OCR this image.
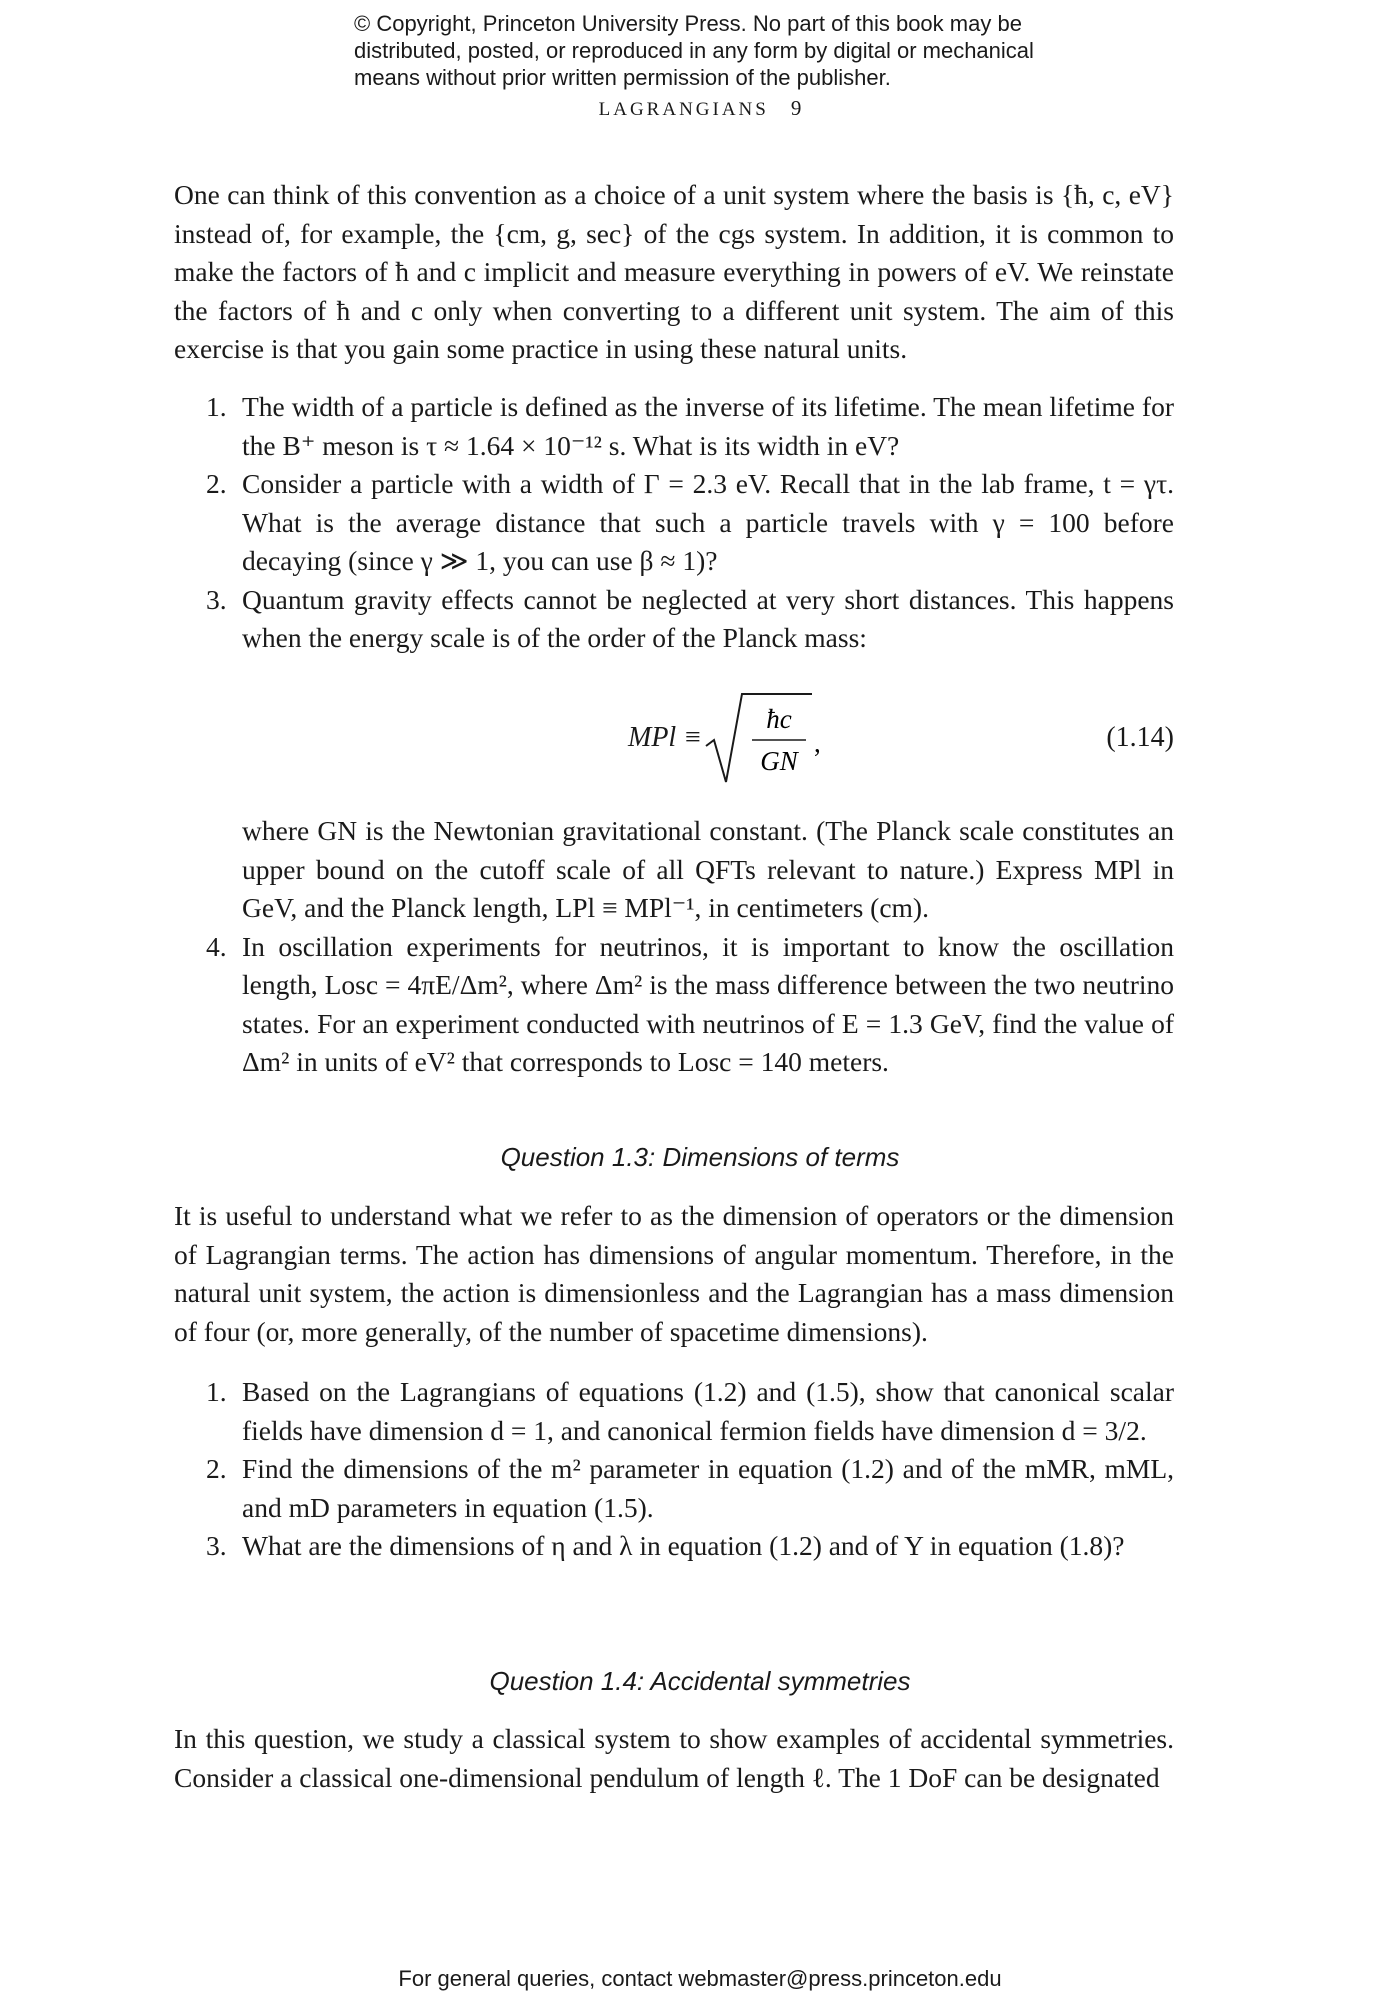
© Copyright, Princeton University Press. No part of this book may be distributed, posted, or reproduced in any form by digital or mechanical means without prior written permission of the publisher.
LAGRANGIANS 9

One can think of this convention as a choice of a unit system where the basis is {ħ, c, eV} instead of, for example, the {cm, g, sec} of the cgs system. In addition, it is common to make the factors of ħ and c implicit and measure everything in powers of eV. We reinstate the factors of ħ and c only when converting to a different unit system. The aim of this exercise is that you gain some practice in using these natural units.

1. The width of a particle is defined as the inverse of its lifetime. The mean lifetime for the B⁺ meson is τ ≈ 1.64 × 10⁻¹² s. What is its width in eV?
2. Consider a particle with a width of Γ = 2.3 eV. Recall that in the lab frame, t = γτ. What is the average distance that such a particle travels with γ = 100 before decaying (since γ ≫ 1, you can use β ≈ 1)?
3. Quantum gravity effects cannot be neglected at very short distances. This happens when the energy scale is of the order of the Planck mass:
MPl ≡
ħc
GN
,	(1.14)
where GN is the Newtonian gravitational constant. (The Planck scale constitutes an upper bound on the cutoff scale of all QFTs relevant to nature.) Express MPl in GeV, and the Planck length, LPl ≡ MPl⁻¹, in centimeters (cm).
4. In oscillation experiments for neutrinos, it is important to know the oscillation length, Losc = 4πE/Δm², where Δm² is the mass difference between the two neutrino states. For an experiment conducted with neutrinos of E = 1.3 GeV, find the value of Δm² in units of eV² that corresponds to Losc = 140 meters.
Question 1.3: Dimensions of terms

It is useful to understand what we refer to as the dimension of operators or the dimension of Lagrangian terms. The action has dimensions of angular momentum. Therefore, in the natural unit system, the action is dimensionless and the Lagrangian has a mass dimension of four (or, more generally, of the number of spacetime dimensions).

1. Based on the Lagrangians of equations (1.2) and (1.5), show that canonical scalar fields have dimension d = 1, and canonical fermion fields have dimension d = 3/2.
2. Find the dimensions of the m² parameter in equation (1.2) and of the mMR, mML, and mD parameters in equation (1.5).
3. What are the dimensions of η and λ in equation (1.2) and of Y in equation (1.8)?
Question 1.4: Accidental symmetries

In this question, we study a classical system to show examples of accidental symmetries. Consider a classical one-dimensional pendulum of length ℓ. The 1 DoF can be designated

For general queries, contact webmaster@press.princeton.edu
